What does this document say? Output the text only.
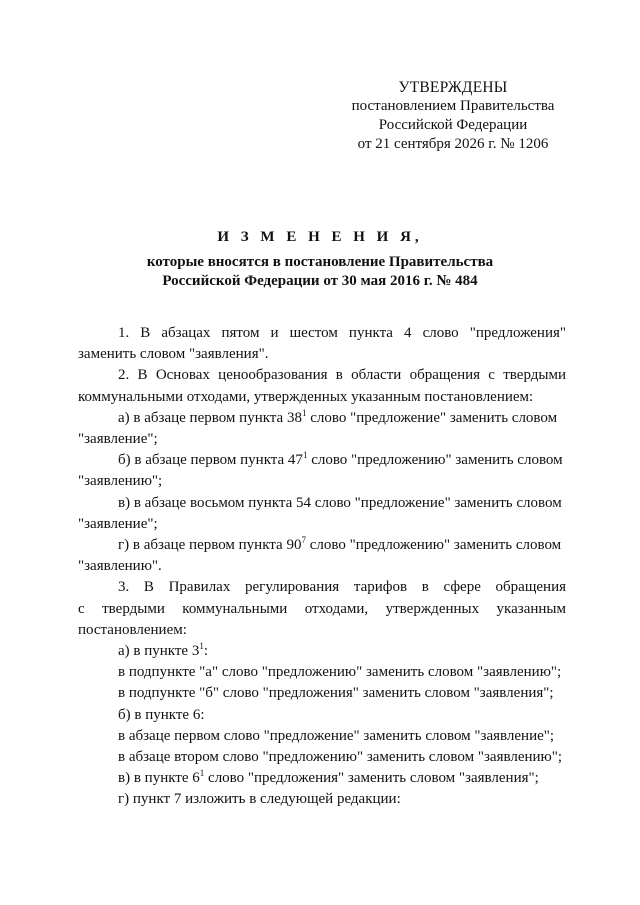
УТВЕРЖДЕНЫ
постановлением Правительства
Российской Федерации
от 21 сентября 2026 г. № 1206
И З М Е Н Е Н И Я,
которые вносятся в постановление Правительства
Российской Федерации от 30 мая 2016 г. № 484

1. В абзацах пятом и шестом пункта 4 слово "предложения"

заменить словом "заявления".

2. В Основах ценообразования в области обращения с твердыми

коммунальными отходами, утвержденных указанным постановлением:

а) в абзаце первом пункта $38^1$ слово "предложение" заменить словом

"заявление";

б) в абзаце первом пункта $47^1$ слово "предложению" заменить словом

"заявлению";

в) в абзаце восьмом пункта 54 слово "предложение" заменить словом

"заявление";

г) в абзаце первом пункта $90^7$ слово "предложению" заменить словом

"заявлению".

3. В Правилах регулирования тарифов в сфере обращения

с твердыми коммунальными отходами, утвержденных указанным

постановлением:

а) в пункте $3^1$:

в подпункте "а" слово "предложению" заменить словом "заявлению";

в подпункте "б" слово "предложения" заменить словом "заявления";

б) в пункте 6:

в абзаце первом слово "предложение" заменить словом "заявление";

в абзаце втором слово "предложению" заменить словом "заявлению";

в) в пункте $6^1$ слово "предложения" заменить словом "заявления";

г) пункт 7 изложить в следующей редакции:
